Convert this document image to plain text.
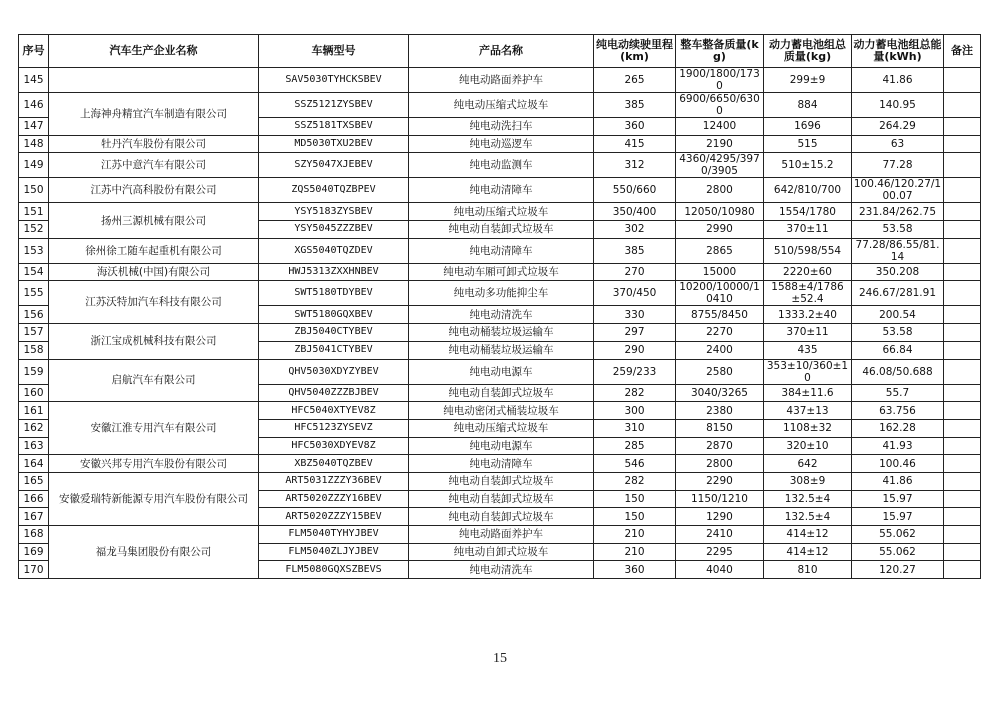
序号	汽车生产企业名称	车辆型号	产品名称	纯电动续驶里程(km)	整车整备质量(kg)	动力蓄电池组总质量(kg)	动力蓄电池组总能量(kWh)	备注
145		SAV5030TYHCKSBEV	纯电动路面养护车	265	1900/1800/1730	299±9	41.86	
146	上海神舟精宜汽车制造有限公司	SSZ5121ZYSBEV	纯电动压缩式垃圾车	385	6900/6650/6300	884	140.95	
147		SSZ5181TXSBEV	纯电动洗扫车	360	12400	1696	264.29	
148	牡丹汽车股份有限公司	MD5030TXU2BEV	纯电动巡逻车	415	2190	515	63	
149	江苏中意汽车有限公司	SZY5047XJEBEV	纯电动监测车	312	4360/4295/3970/3905	510±15.2	77.28	
150	江苏中汽高科股份有限公司	ZQS5040TQZBPEV	纯电动清障车	550/660	2800	642/810/700	100.46/120.27/100.07	
151	扬州三源机械有限公司	YSY5183ZYSBEV	纯电动压缩式垃圾车	350/400	12050/10980	1554/1780	231.84/262.75	
152		YSY5045ZZZBEV	纯电动自装卸式垃圾车	302	2990	370±11	53.58	
153	徐州徐工随车起重机有限公司	XGS5040TQZDEV	纯电动清障车	385	2865	510/598/554	77.28/86.55/81.14	
154	海沃机械(中国)有限公司	HWJ5313ZXXHNBEV	纯电动车厢可卸式垃圾车	270	15000	2220±60	350.208	
155	江苏沃特加汽车科技有限公司	SWT5180TDYBEV	纯电动多功能抑尘车	370/450	10200/10000/10410	1588±4/1786±52.4	246.67/281.91	
156		SWT5180GQXBEV	纯电动清洗车	330	8755/8450	1333.2±40	200.54	
157	浙江宝成机械科技有限公司	ZBJ5040CTYBEV	纯电动桶装垃圾运输车	297	2270	370±11	53.58	
158		ZBJ5041CTYBEV	纯电动桶装垃圾运输车	290	2400	435	66.84	
159	启航汽车有限公司	QHV5030XDYZYBEV	纯电动电源车	259/233	2580	353±10/360±10	46.08/50.688	
160		QHV5040ZZZBJBEV	纯电动自装卸式垃圾车	282	3040/3265	384±11.6	55.7	
161	安徽江淮专用汽车有限公司	HFC5040XTYEV8Z	纯电动密闭式桶装垃圾车	300	2380	437±13	63.756	
162		HFC5123ZYSEVZ	纯电动压缩式垃圾车	310	8150	1108±32	162.28	
163		HFC5030XDYEV8Z	纯电动电源车	285	2870	320±10	41.93	
164	安徽兴邦专用汽车股份有限公司	XBZ5040TQZBEV	纯电动清障车	546	2800	642	100.46	
165	安徽爱瑞特新能源专用汽车股份有限公司	ART5031ZZZY36BEV	纯电动自装卸式垃圾车	282	2290	308±9	41.86	
166		ART5020ZZZY16BEV	纯电动自装卸式垃圾车	150	1150/1210	132.5±4	15.97	
167		ART5020ZZZY15BEV	纯电动自装卸式垃圾车	150	1290	132.5±4	15.97	
168	福龙马集团股份有限公司	FLM5040TYHYJBEV	纯电动路面养护车	210	2410	414±12	55.062	
169		FLM5040ZLJYJBEV	纯电动自卸式垃圾车	210	2295	414±12	55.062	
170		FLM5080GQXSZBEVS	纯电动清洗车	360	4040	810	120.27	
15
